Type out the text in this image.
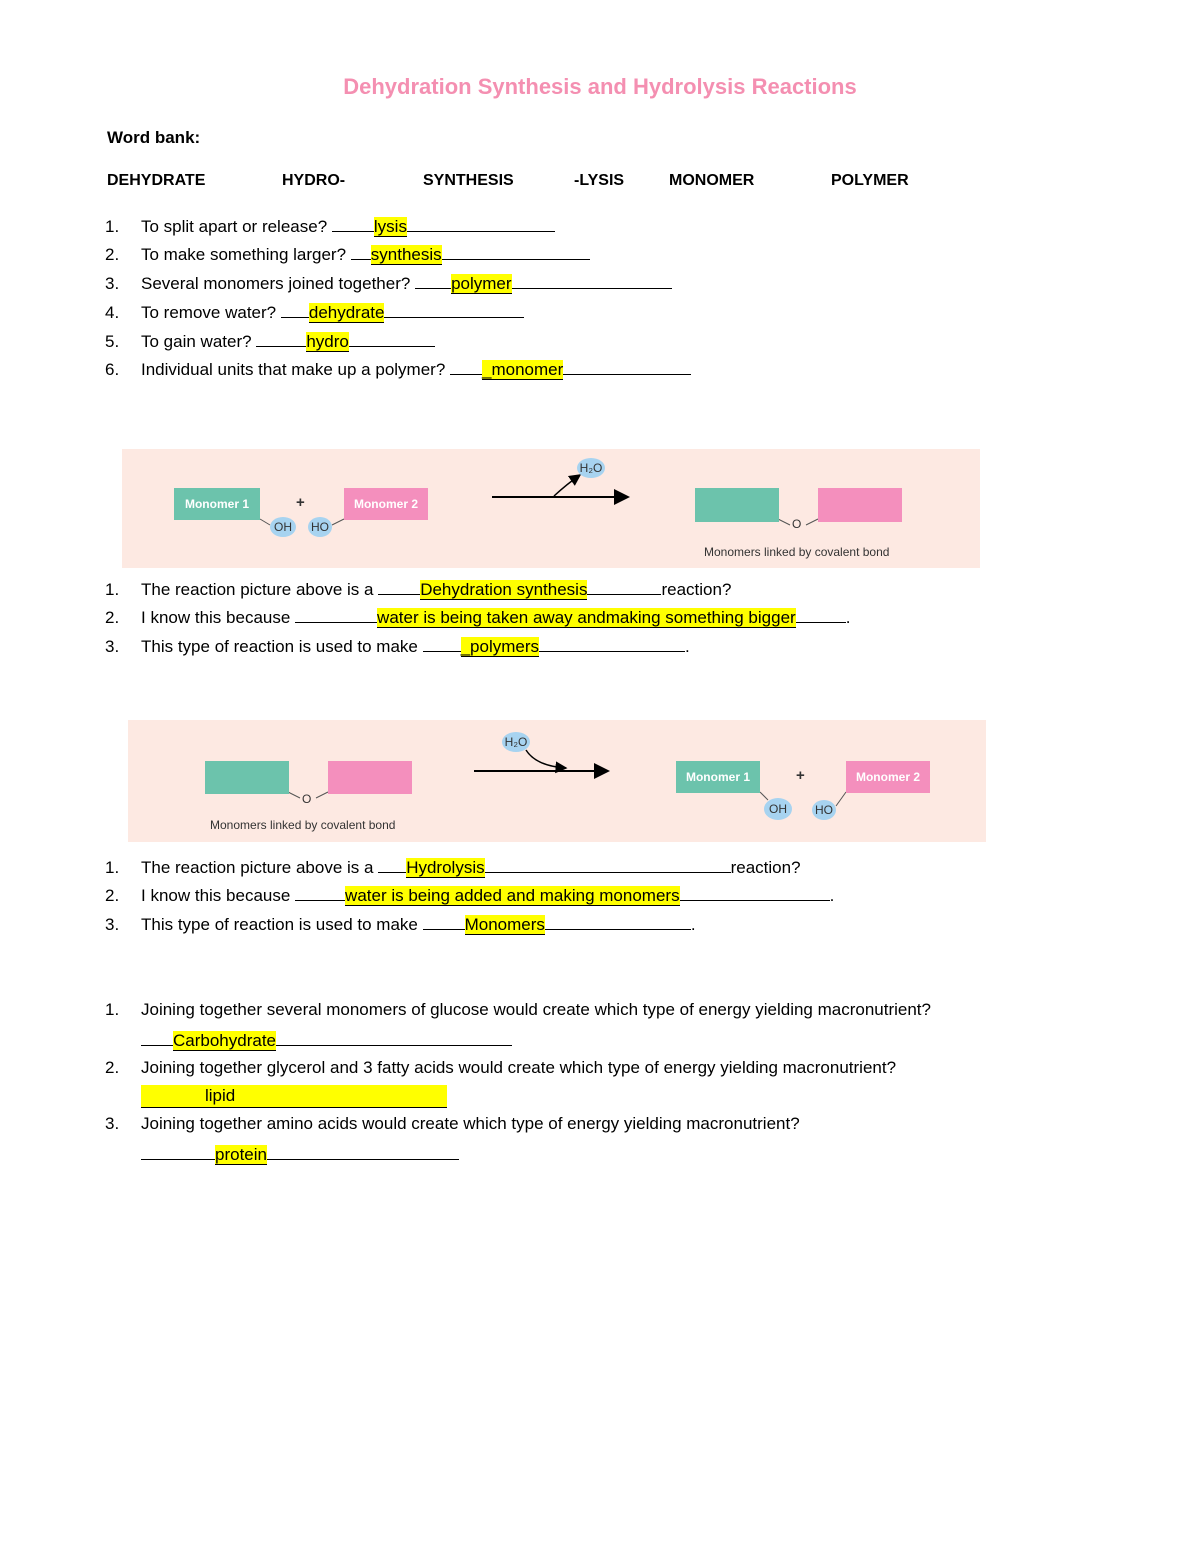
Dehydration Synthesis and Hydrolysis Reactions
Word bank:
DEHYDRATE	HYDRO-	SYNTHESIS	-LYSIS	MONOMER	POLYMER
1. To split apart or release?	lysis
2. To make something larger? synthesis
3. Several monomers joined together? polymer
4. To remove water? dehydrate
5. To gain water?	hydro
6. Individual units that make up a polymer? _monomer
Monomer 1	+	Monomer 2
OH	HO
H₂O
O
Monomers linked by covalent bond
1. The reaction picture above is a	Dehydration synthesis	reaction?
2. I know this because	water is being taken away andmaking something bigger	.
3. This type of reaction is used to make	_polymers	.
O
Monomers linked by covalent bond
H₂O
Monomer 1	+	Monomer 2
OH	HO
1. The reaction picture above is a Hydrolysis	reaction?
2. I know this because	water is being added and making monomers	.
3. This type of reaction is used to make	Monomers	.
1. Joining together several monomers of glucose would create which type of energy yielding macronutrient?
Carbohydrate
2. Joining together glycerol and 3 fatty acids would create which type of energy yielding macronutrient?
lipid
3. Joining together amino acids would create which type of energy yielding macronutrient?
protein
